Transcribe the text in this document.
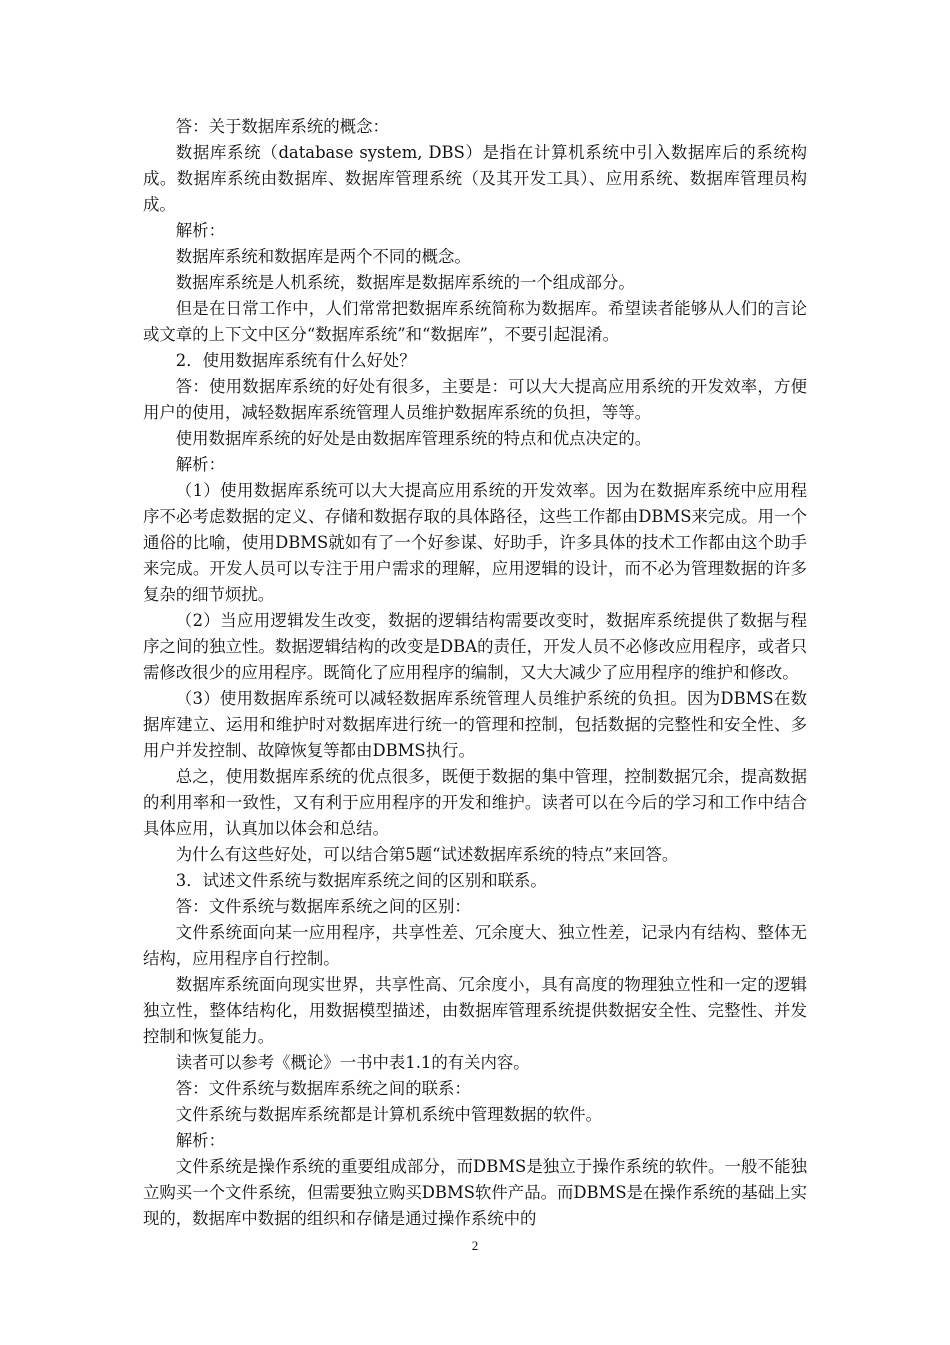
答：关于数据库系统的概念：

数据库系统（database system, DBS）是指在计算机系统中引入数据库后的系统构成。数据库系统由数据库、数据库管理系统（及其开发工具）、应用系统、数据库管理员构成。

解析：

数据库系统和数据库是两个不同的概念。

数据库系统是人机系统，数据库是数据库系统的一个组成部分。

但是在日常工作中，人们常常把数据库系统简称为数据库。希望读者能够从人们的言论或文章的上下文中区分“数据库系统”和“数据库”，不要引起混淆。

2．使用数据库系统有什么好处？

答：使用数据库系统的好处有很多，主要是：可以大大提高应用系统的开发效率，方便用户的使用，减轻数据库系统管理人员维护数据库系统的负担，等等。

使用数据库系统的好处是由数据库管理系统的特点和优点决定的。

解析：

（1）使用数据库系统可以大大提高应用系统的开发效率。因为在数据库系统中应用程序不必考虑数据的定义、存储和数据存取的具体路径，这些工作都由DBMS来完成。用一个通俗的比喻，使用DBMS就如有了一个好参谋、好助手，许多具体的技术工作都由这个助手来完成。开发人员可以专注于用户需求的理解，应用逻辑的设计，而不必为管理数据的许多复杂的细节烦扰。

（2）当应用逻辑发生改变，数据的逻辑结构需要改变时，数据库系统提供了数据与程序之间的独立性。数据逻辑结构的改变是DBA的责任，开发人员不必修改应用程序，或者只需修改很少的应用程序。既简化了应用程序的编制，又大大减少了应用程序的维护和修改。

（3）使用数据库系统可以减轻数据库系统管理人员维护系统的负担。因为DBMS在数据库建立、运用和维护时对数据库进行统一的管理和控制，包括数据的完整性和安全性、多用户并发控制、故障恢复等都由DBMS执行。

总之，使用数据库系统的优点很多，既便于数据的集中管理，控制数据冗余，提高数据的利用率和一致性，又有利于应用程序的开发和维护。读者可以在今后的学习和工作中结合具体应用，认真加以体会和总结。

为什么有这些好处，可以结合第5题“试述数据库系统的特点”来回答。

3．试述文件系统与数据库系统之间的区别和联系。

答：文件系统与数据库系统之间的区别：

文件系统面向某一应用程序，共享性差、冗余度大、独立性差，记录内有结构、整体无结构，应用程序自行控制。

数据库系统面向现实世界，共享性高、冗余度小，具有高度的物理独立性和一定的逻辑独立性，整体结构化，用数据模型描述，由数据库管理系统提供数据安全性、完整性、并发控制和恢复能力。

读者可以参考《概论》一书中表1.1的有关内容。

答：文件系统与数据库系统之间的联系：

文件系统与数据库系统都是计算机系统中管理数据的软件。

解析：

文件系统是操作系统的重要组成部分，而DBMS是独立于操作系统的软件。一般不能独立购买一个文件系统，但需要独立购买DBMS软件产品。而DBMS是在操作系统的基础上实现的，数据库中数据的组织和存储是通过操作系统中的

2
